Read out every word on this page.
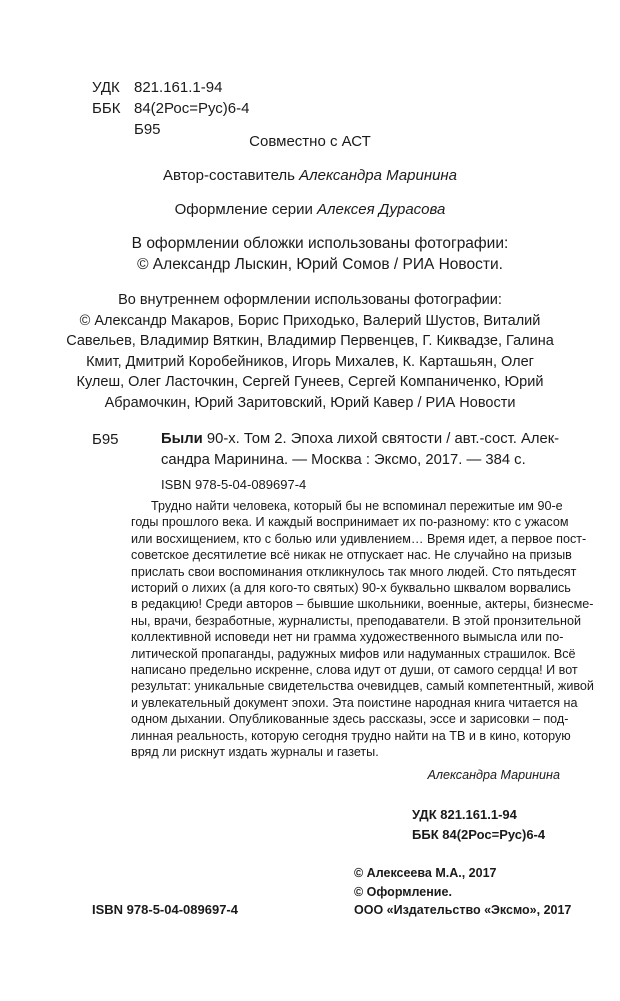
УДК 821.161.1-94
ББК 84(2Рос=Рус)6-4
Б95
Совместно с АСТ
Автор-составитель Александра Маринина
Оформление серии Алексея Дурасова
В оформлении обложки использованы фотографии:
© Александр Лыскин, Юрий Сомов / РИА Новости.
Во внутреннем оформлении использованы фотографии:
© Александр Макаров, Борис Приходько, Валерий Шустов, Виталий
Савельев, Владимир Вяткин, Владимир Первенцев, Г. Киквадзе, Галина
Кмит, Дмитрий Коробейников, Игорь Михалев, К. Карташьян, Олег
Кулеш, Олег Ласточкин, Сергей Гунеев, Сергей Компаниченко, Юрий
Абрамочкин, Юрий Заритовский, Юрий Кавер / РИА Новости
Б95	Были 90-х. Том 2. Эпоха лихой святости / авт.-сост. Алек-
сандра Маринина. — Москва : Эксмо, 2017. — 384 с.
ISBN 978-5-04-089697-4
Трудно найти человека, который бы не вспоминал пережитые им 90-е
годы прошлого века. И каждый воспринимает их по-разному: кто с ужасом
или восхищением, кто с болью или удивлением… Время идет, а первое пост-
советское десятилетие всё никак не отпускает нас. Не случайно на призыв
прислать свои воспоминания откликнулось так много людей. Сто пятьдесят
историй о лихих (а для кого-то святых) 90-х буквально шквалом ворвались
в редакцию! Среди авторов – бывшие школьники, военные, актеры, бизнесме-
ны, врачи, безработные, журналисты, преподаватели. В этой пронзительной
коллективной исповеди нет ни грамма художественного вымысла или по-
литической пропаганды, радужных мифов или надуманных страшилок. Всё
написано предельно искренне, слова идут от души, от самого сердца! И вот
результат: уникальные свидетельства очевидцев, самый компетентный, живой
и увлекательный документ эпохи. Эта поистине народная книга читается на
одном дыхании. Опубликованные здесь рассказы, эссе и зарисовки – под-
линная реальность, которую сегодня трудно найти на ТВ и в кино, которую
вряд ли рискнут издать журналы и газеты.
Александра Маринина
УДК 821.161.1-94
ББК 84(2Рос=Рус)6-4
ISBN 978-5-04-089697-4
© Алексеева М.А., 2017
© Оформление.
ООО «Издательство «Эксмо», 2017
